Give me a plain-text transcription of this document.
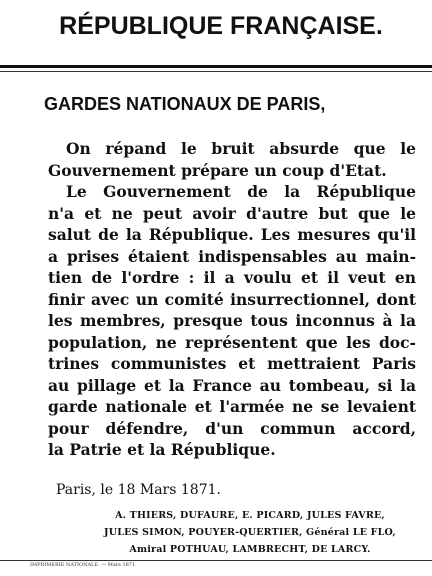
RÉPUBLIQUE FRANÇAISE.
GARDES NATIONAUX DE PARIS,
On répand le bruit absurde que le
Gouvernement prépare un coup d'Etat.
Le Gouvernement de la République
n'a et ne peut avoir d'autre but que le
salut de la République. Les mesures qu'il
a prises étaient indispensables au main-
tien de l'ordre : il a voulu et il veut en
finir avec un comité insurrectionnel, dont
les membres, presque tous inconnus à la
population, ne représentent que les doc-
trines communistes et mettraient Paris
au pillage et la France au tombeau, si la
garde nationale et l'armée ne se levaient
pour défendre, d'un commun accord,
la Patrie et la République.
Paris, le 18 Mars 1871.
A. THIERS, DUFAURE, E. PICARD, JULES FAVRE,
JULES SIMON, POUYER-QUERTIER, Général LE FLO,
Amiral POTHUAU, LAMBRECHT, DE LARCY.
IMPRIMERIE NATIONALE. — Mars 1871.
